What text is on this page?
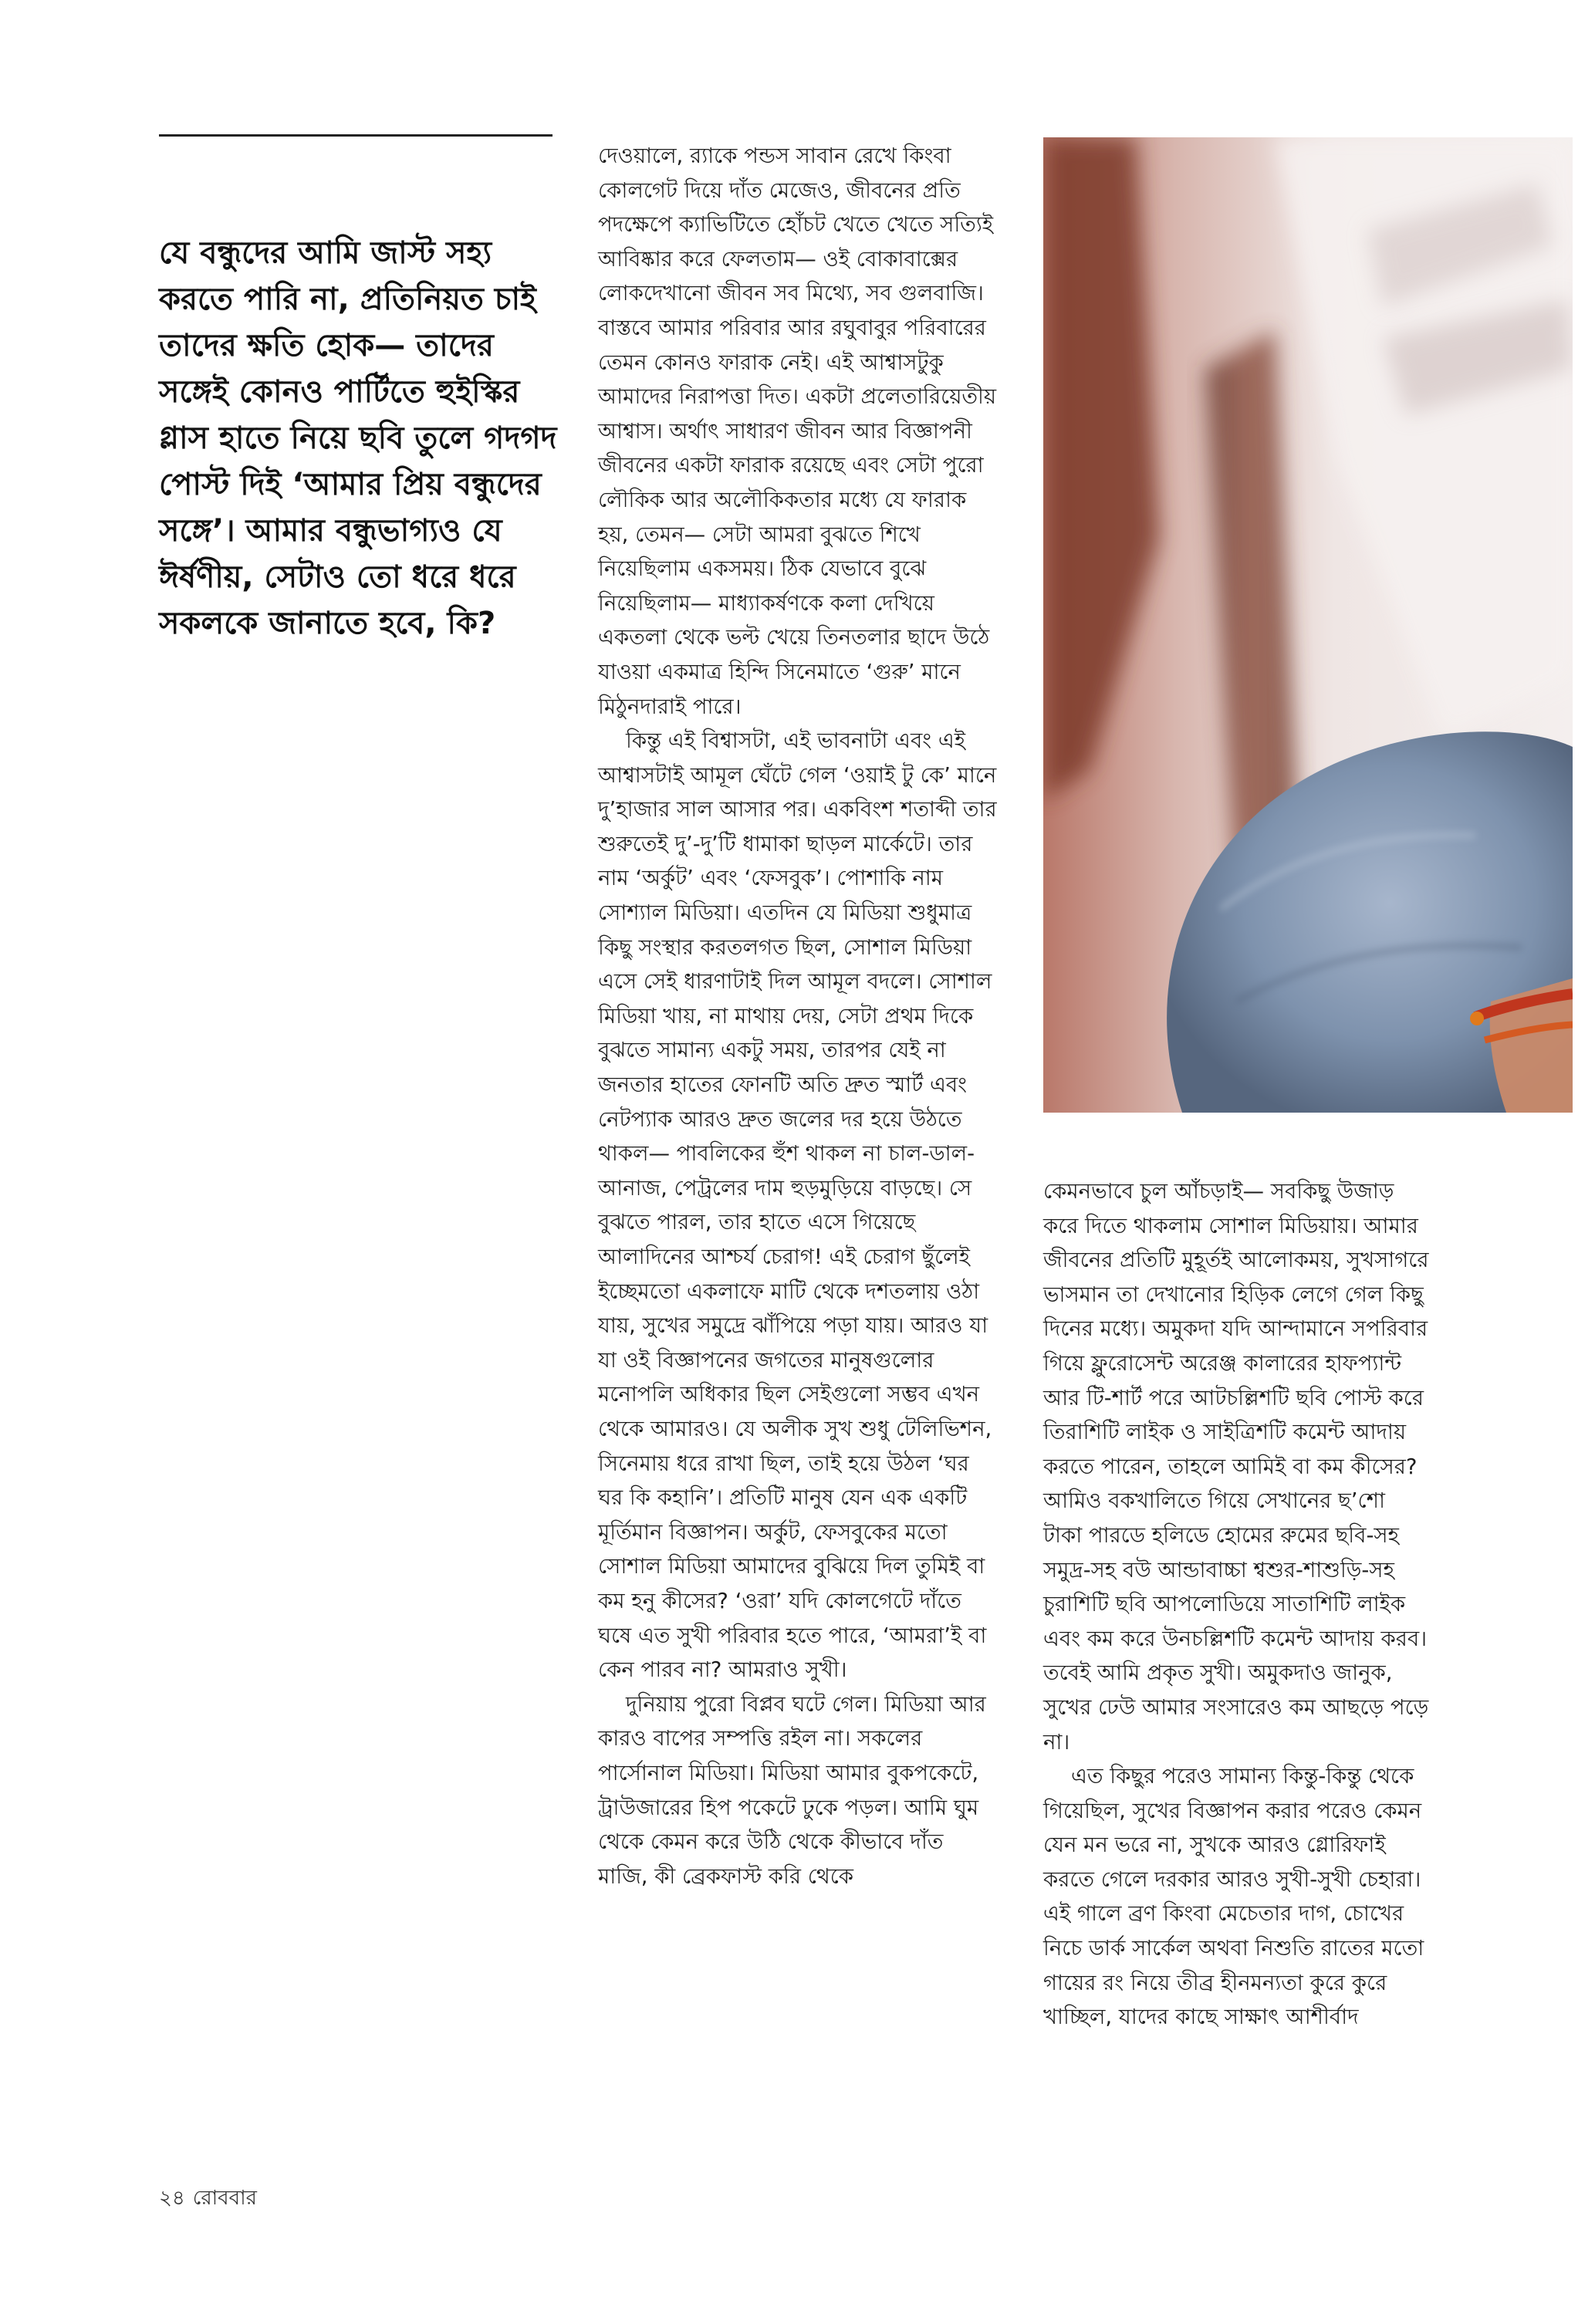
যে বন্ধুদের আমি জাস্ট সহ্য করতে পারি না, প্রতিনিয়ত চাই তাদের ক্ষতি হোক— তাদের সঙ্গেই কোনও পার্টিতে হুইস্কির গ্লাস হাতে নিয়ে ছবি তুলে গদগদ পোস্ট দিই ‘আমার প্রিয় বন্ধুদের সঙ্গে’। আমার বন্ধুভাগ্যও যে ঈর্ষণীয়, সেটাও তো ধরে ধরে সকলকে জানাতে হবে, কি?

দেওয়ালে, র‍্যাকে পন্ডস সাবান রেখে কিংবা কোলগেট দিয়ে দাঁত মেজেও, জীবনের প্রতি পদক্ষেপে ক্যাভিটিতে হোঁচট খেতে খেতে সত্যিই আবিষ্কার করে ফেলতাম— ওই বোকাবাক্সের লোকদেখানো জীবন সব মিথ্যে, সব গুলবাজি। বাস্তবে আমার পরিবার আর রঘুবাবুর পরিবারের তেমন কোনও ফারাক নেই। এই আশ্বাসটুকু আমাদের নিরাপত্তা দিত। একটা প্রলেতারিয়েতীয় আশ্বাস। অর্থাৎ সাধারণ জীবন আর বিজ্ঞাপনী জীবনের একটা ফারাক রয়েছে এবং সেটা পুরো লৌকিক আর অলৌকিকতার মধ্যে যে ফারাক হয়, তেমন— সেটা আমরা বুঝতে শিখে নিয়েছিলাম একসময়। ঠিক যেভাবে বুঝে নিয়েছিলাম— মাধ্যাকর্ষণকে কলা দেখিয়ে একতলা থেকে ভল্ট খেয়ে তিনতলার ছাদে উঠে যাওয়া একমাত্র হিন্দি সিনেমাতে ‘গুরু’ মানে মিঠুনদারাই পারে।

কিন্তু এই বিশ্বাসটা, এই ভাবনাটা এবং এই আশ্বাসটাই আমূল ঘেঁটে গেল ‘ওয়াই টু কে’ মানে দু’হাজার সাল আসার পর। একবিংশ শতাব্দী তার শুরুতেই দু’-দু’টি ধামাকা ছাড়ল মার্কেটে। তার নাম ‘অর্কুট’ এবং ‘ফেসবুক’। পোশাকি নাম সোশ্যাল মিডিয়া। এতদিন যে মিডিয়া শুধুমাত্র কিছু সংস্থার করতলগত ছিল, সোশাল মিডিয়া এসে সেই ধারণাটাই দিল আমূল বদলে। সোশাল মিডিয়া খায়, না মাথায় দেয়, সেটা প্রথম দিকে বুঝতে সামান্য একটু সময়, তারপর যেই না জনতার হাতের ফোনটি অতি দ্রুত স্মার্ট এবং নেটপ্যাক আরও দ্রুত জলের দর হয়ে উঠতে থাকল— পাবলিকের হুঁশ থাকল না চাল-ডাল-আনাজ, পেট্রলের দাম হুড়মুড়িয়ে বাড়ছে। সে বুঝতে পারল, তার হাতে এসে গিয়েছে আলাদিনের আশ্চর্য চেরাগ! এই চেরাগ ছুঁলেই ইচ্ছেমতো একলাফে মাটি থেকে দশতলায় ওঠা যায়, সুখের সমুদ্রে ঝাঁপিয়ে পড়া যায়। আরও যা যা ওই বিজ্ঞাপনের জগতের মানুষগুলোর মনোপলি অধিকার ছিল সেইগুলো সম্ভব এখন থেকে আমারও। যে অলীক সুখ শুধু টেলিভিশন, সিনেমায় ধরে রাখা ছিল, তাই হয়ে উঠল ‘ঘর ঘর কি কহানি’। প্রতিটি মানুষ যেন এক একটি মূর্তিমান বিজ্ঞাপন। অর্কুট, ফেসবুকের মতো সোশাল মিডিয়া আমাদের বুঝিয়ে দিল তুমিই বা কম হনু কীসের? ‘ওরা’ যদি কোলগেটে দাঁতে ঘষে এত সুখী পরিবার হতে পারে, ‘আমরা’ই বা কেন পারব না? আমরাও সুখী।

দুনিয়ায় পুরো বিপ্লব ঘটে গেল। মিডিয়া আর কারও বাপের সম্পত্তি রইল না। সকলের পার্সোনাল মিডিয়া। মিডিয়া আমার বুকপকেটে, ট্রাউজারের হিপ পকেটে ঢুকে পড়ল। আমি ঘুম থেকে কেমন করে উঠি থেকে কীভাবে দাঁত মাজি, কী ব্রেকফাস্ট করি থেকে

কেমনভাবে চুল আঁচড়াই— সবকিছু উজাড় করে দিতে থাকলাম সোশাল মিডিয়ায়। আমার জীবনের প্রতিটি মুহূর্তই আলোকময়, সুখসাগরে ভাসমান তা দেখানোর হিড়িক লেগে গেল কিছু দিনের মধ্যে। অমুকদা যদি আন্দামানে সপরিবার গিয়ে ফ্লুরোসেন্ট অরেঞ্জ কালারের হাফপ্যান্ট আর টি-শার্ট পরে আটচল্লিশটি ছবি পোস্ট করে তিরাশিটি লাইক ও সাইত্রিশটি কমেন্ট আদায় করতে পারেন, তাহলে আমিই বা কম কীসের? আমিও বকখালিতে গিয়ে সেখানের ছ’শো টাকা পারডে হলিডে হোমের রুমের ছবি-সহ সমুদ্র-সহ বউ আন্ডাবাচ্চা শ্বশুর-শাশুড়ি-সহ চুরাশিটি ছবি আপলোডিয়ে সাতাশিটি লাইক এবং কম করে উনচল্লিশটি কমেন্ট আদায় করব। তবেই আমি প্রকৃত সুখী। অমুকদাও জানুক, সুখের ঢেউ আমার সংসারেও কম আছড়ে পড়ে না।

এত কিছুর পরেও সামান্য কিন্তু-কিন্তু থেকে গিয়েছিল, সুখের বিজ্ঞাপন করার পরেও কেমন যেন মন ভরে না, সুখকে আরও গ্লোরিফাই করতে গেলে দরকার আরও সুখী-সুখী চেহারা। এই গালে ব্রণ কিংবা মেচেতার দাগ, চোখের নিচে ডার্ক সার্কেল অথবা নিশুতি রাতের মতো গায়ের রং নিয়ে তীব্র হীনমন্যতা কুরে কুরে খাচ্ছিল, যাদের কাছে সাক্ষাৎ আশীর্বাদ

২৪ রোববার
